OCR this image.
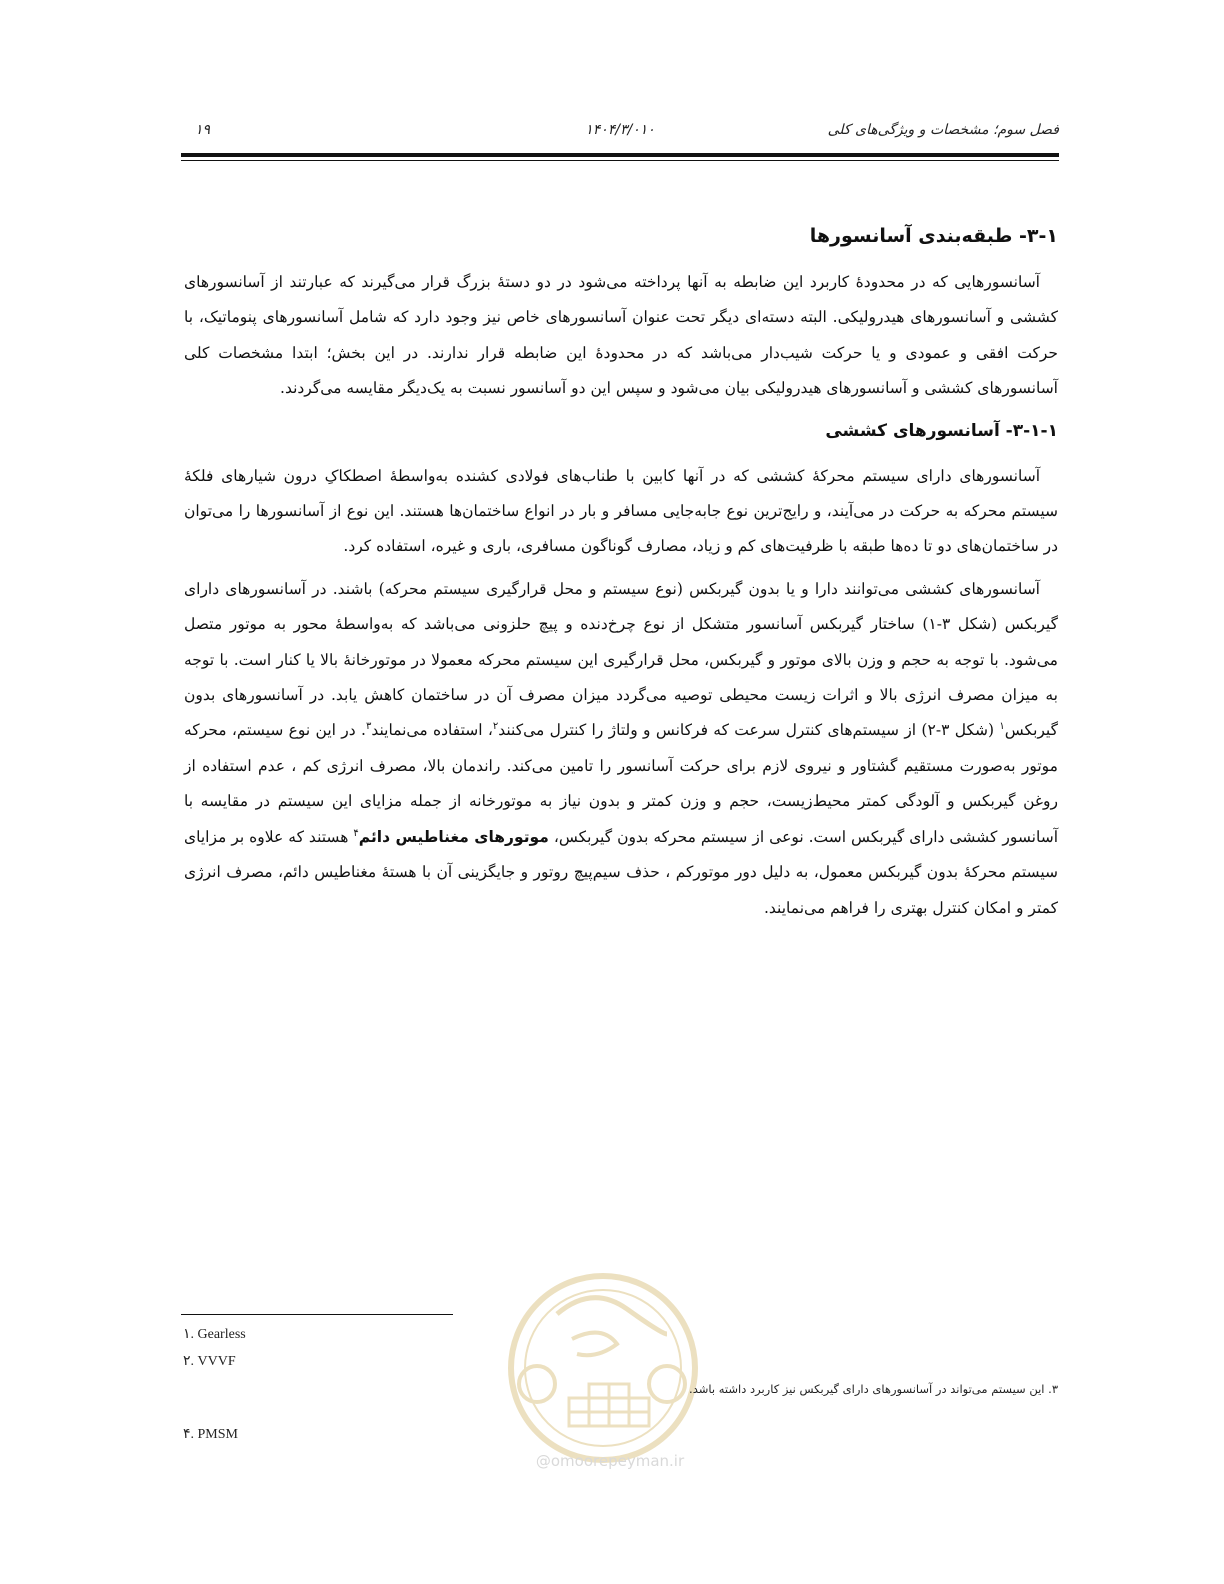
فصل سوم؛ مشخصات و ویژگی‌های کلی
۱۴۰۴/۳/۰۱۰
۱۹
۳-۱- طبقه‌بندی آسانسورها

آسانسورهایی که در محدودهٔ کاربرد این ضابطه به آنها پرداخته می‌شود در دو دستهٔ بزرگ قرار می‌گیرند که عبارتند از آسانسورهای کششی و آسانسورهای هیدرولیکی. البته دسته‌ای دیگر تحت عنوان آسانسورهای خاص نیز وجود دارد که شامل آسانسورهای پنوماتیک، با حرکت افقی و عمودی و یا حرکت شیب‌دار می‌باشد که در محدودهٔ این ضابطه قرار ندارند. در این بخش؛ ابتدا مشخصات کلی آسانسورهای کششی و آسانسورهای هیدرولیکی بیان می‌شود و سپس این دو آسانسور نسبت به یک‌دیگر مقایسه می‌گردند.

۳-۱-۱- آسانسورهای کششی

آسانسورهای دارای سیستم محرکهٔ کششی که در آنها کابین با طناب‌های فولادی کشنده به‌واسطهٔ اصطکاکِ درون شیارهای فلکهٔ سیستم محرکه به حرکت در می‌آیند، و رایج‌ترین نوع جابه‌جایی مسافر و بار در انواع ساختمان‌ها هستند. این نوع از آسانسورها را می‌توان در ساختمان‌های دو تا ده‌ها طبقه با ظرفیت‌های کم و زیاد، مصارف گوناگون مسافری، باری و غیره، استفاده کرد.

آسانسورهای کششی می‌توانند دارا و یا بدون گیربکس (نوع سیستم و محل قرارگیری سیستم محرکه) باشند. در آسانسورهای دارای گیربکس (شکل ۳-۱) ساختار گیربکس آسانسور متشکل از نوع چرخ‌دنده و پیچ حلزونی می‌باشد که به‌واسطهٔ محور به موتور متصل می‌شود. با توجه به حجم و وزن بالای موتور و گیربکس، محل قرارگیری این سیستم محرکه معمولا در موتورخانهٔ بالا یا کنار است. با توجه به میزان مصرف انرژی بالا و اثرات زیست محیطی توصیه می‌گردد میزان مصرف آن در ساختمان کاهش یابد. در آسانسورهای بدون گیربکس$^۱$ (شکل ۳-۲) از سیستم‌های کنترل سرعت که فرکانس و ولتاژ را کنترل می‌کنند$^۲$، استفاده می‌نمایند$^۳$. در این نوع سیستم، محرکه موتور به‌صورت مستقیم گشتاور و نیروی لازم برای حرکت آسانسور را تامین می‌کند. راندمان بالا، مصرف انرژی کم ، عدم استفاده از روغن گیربکس و آلودگی کمتر محیط‌زیست، حجم و وزن کمتر و بدون نیاز به موتورخانه از جمله مزایای این سیستم در مقایسه با آسانسور کششی دارای گیربکس است. نوعی از سیستم محرکه بدون گیربکس، موتورهای مغناطیس دائم$^۴$ هستند که علاوه بر مزایای سیستم محرکهٔ بدون گیربکس معمول، به دلیل دور موتورکم ، حذف سیم‌پیچ روتور و جایگزینی آن با هستهٔ مغناطیس دائم، مصرف انرژی کمتر و امکان کنترل بهتری را فراهم می‌نمایند.

@omoorepeyman.ir
۱. Gearless
۲. VVVF
۳. این سیستم می‌تواند در آسانسورهای دارای گیربکس نیز کاربرد داشته باشد.
۴. PMSM
